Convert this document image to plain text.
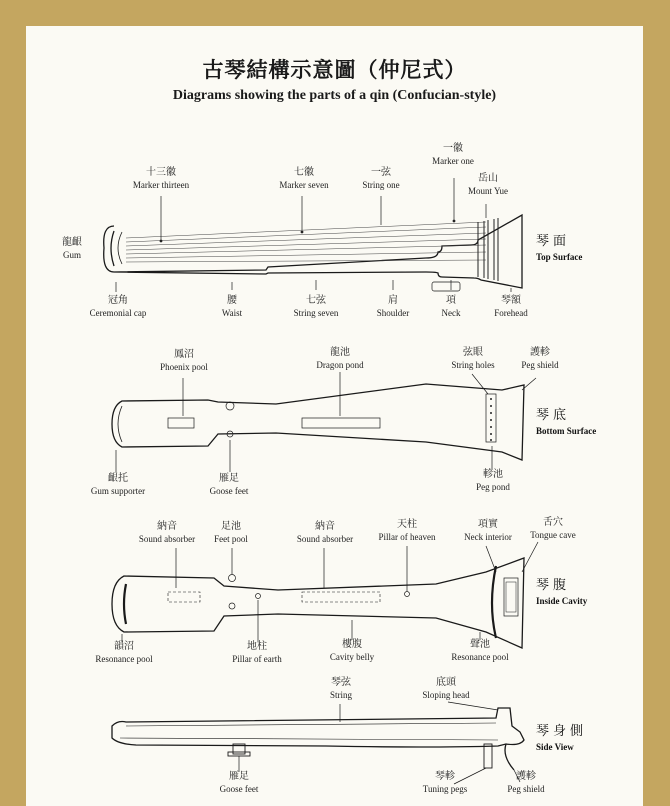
古琴結構示意圖（仲尼式）
Diagrams showing the parts of a qin (Confucian-style)
十三徽
Marker thirteen
七徽
Marker seven
一弦
String one
一徽
Marker one
岳山
Mount Yue
龍齦
Gum
冠角
Ceremonial cap
腰
Waist
七弦
String seven
肩
Shoulder
項
Neck
琴額
Forehead
琴面
Top Surface
鳳沼
Phoenix pool
龍池
Dragon pond
弦眼
String holes
護軫
Peg shield
齦托
Gum supporter
雁足
Goose feet
軫池
Peg pond
琴底
Bottom Surface
納音
Sound absorber
足池
Feet pool
納音
Sound absorber
天柱
Pillar of heaven
項實
Neck interior
舌穴
Tongue cave
韻沼
Resonance pool
地柱
Pillar of earth
樓腹
Cavity belly
聲池
Resonance pool
琴腹
Inside Cavity
琴弦
String
底頭
Sloping head
雁足
Goose feet
琴軫
Tuning pegs
護軫
Peg shield
琴身側
Side View
